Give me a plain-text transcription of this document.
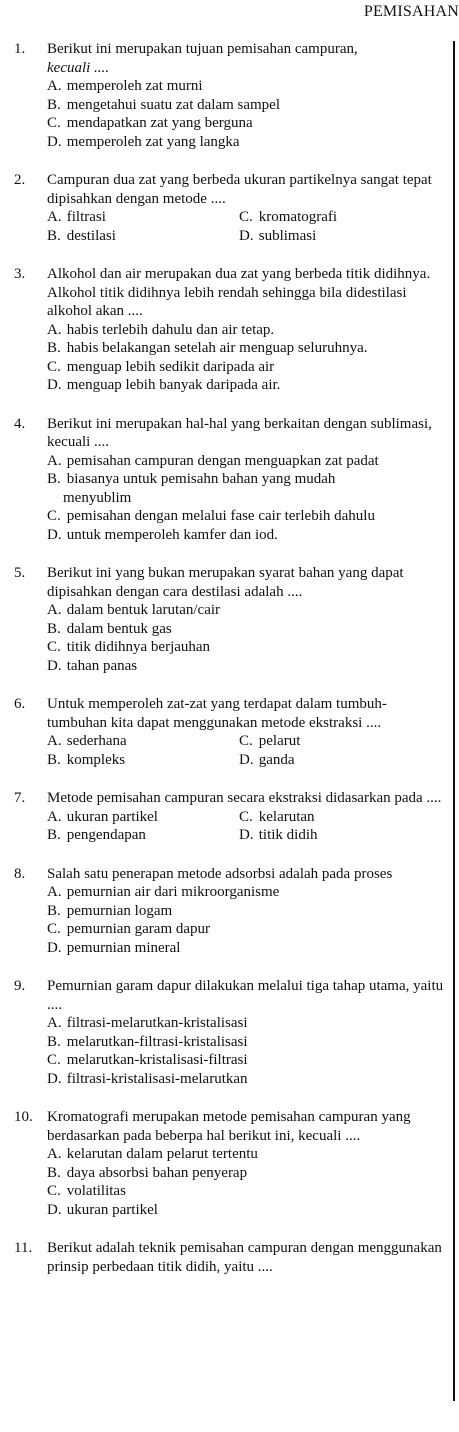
PEMISAHAN
1.	Berikut ini merupakan tujuan pemisahan campuran,
kecuali ....
A. memperoleh zat murni
B. mengetahui suatu zat dalam sampel
C. mendapatkan zat yang berguna
D. memperoleh zat yang langka
2.	Campuran dua zat yang berbeda ukuran partikelnya sangat tepat dipisahkan dengan metode ....
A. filtrasi	C. kromatografi
B. destilasi	D. sublimasi
3.	Alkohol dan air merupakan dua zat yang berbeda titik didihnya. Alkohol titik didihnya lebih rendah sehingga bila didestilasi alkohol akan ....
A. habis terlebih dahulu dan air tetap.
B. habis belakangan setelah air menguap seluruhnya.
C. menguap lebih sedikit daripada air
D. menguap lebih banyak daripada air.
4.	Berikut ini merupakan hal-hal yang berkaitan dengan sublimasi, kecuali ....
A. pemisahan campuran dengan menguapkan zat padat
B. biasanya untuk pemisahn bahan yang mudah
menyublim
C. pemisahan dengan melalui fase cair terlebih dahulu
D. untuk memperoleh kamfer dan iod.
5.	Berikut ini yang bukan merupakan syarat bahan yang dapat dipisahkan dengan cara destilasi adalah ....
A. dalam bentuk larutan/cair
B. dalam bentuk gas
C. titik didihnya berjauhan
D. tahan panas
6.	Untuk memperoleh zat-zat yang terdapat dalam tumbuh-
tumbuhan kita dapat menggunakan metode ekstraksi ....
A. sederhana	C. pelarut
B. kompleks	D. ganda
7.	Metode pemisahan campuran secara ekstraksi didasarkan pada ....
A. ukuran partikel	C. kelarutan
B. pengendapan	D. titik didih
8.	Salah satu penerapan metode adsorbsi adalah pada proses
A. pemurnian air dari mikroorganisme
B. pemurnian logam
C. pemurnian garam dapur
D. pemurnian mineral
9.	Pemurnian garam dapur dilakukan melalui tiga tahap utama, yaitu ....
A. filtrasi-melarutkan-kristalisasi
B. melarutkan-filtrasi-kristalisasi
C. melarutkan-kristalisasi-filtrasi
D. filtrasi-kristalisasi-melarutkan
10. Kromatografi merupakan metode pemisahan campuran yang berdasarkan pada beberpa hal berikut ini, kecuali ....
A. kelarutan dalam pelarut tertentu
B. daya absorbsi bahan penyerap
C. volatilitas
D. ukuran partikel
11. Berikut adalah teknik pemisahan campuran dengan menggunakan prinsip perbedaan titik didih, yaitu ....
